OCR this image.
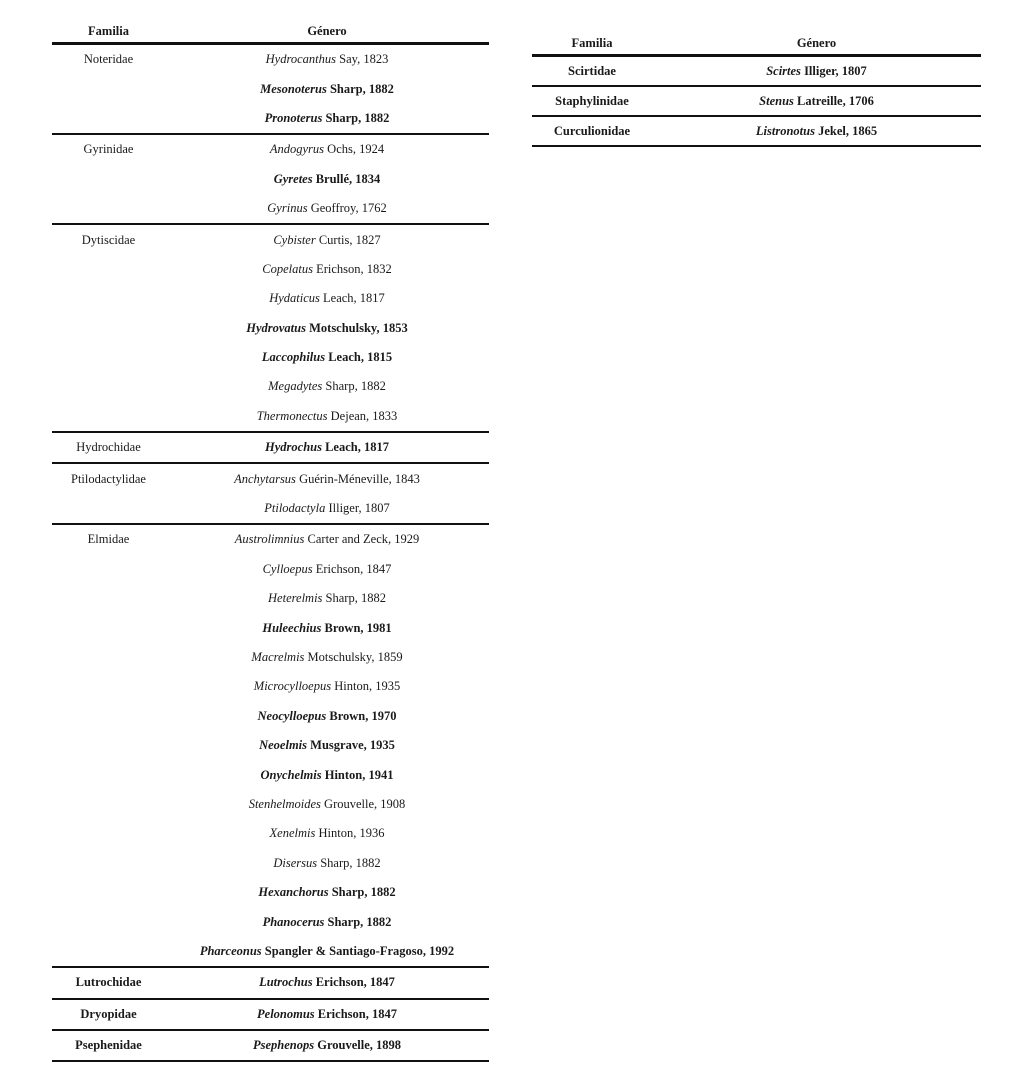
Familia	Género
Noteridae	Hydrocanthus Say, 1823
Mesonoterus Sharp, 1882
Pronoterus Sharp, 1882
Gyrinidae	Andogyrus Ochs, 1924
Gyretes Brullé, 1834
Gyrinus Geoffroy, 1762
Dytiscidae	Cybister Curtis, 1827
Copelatus Erichson, 1832
Hydaticus Leach, 1817
Hydrovatus Motschulsky, 1853
Laccophilus Leach, 1815
Megadytes Sharp, 1882
Thermonectus Dejean, 1833
Hydrochidae	Hydrochus Leach, 1817
Ptilodactylidae	Anchytarsus Guérin-Méneville, 1843
Ptilodactyla Illiger, 1807
Elmidae	Austrolimnius Carter and Zeck, 1929
Cylloepus Erichson, 1847
Heterelmis Sharp, 1882
Huleechius Brown, 1981
Macrelmis Motschulsky, 1859
Microcylloepus Hinton, 1935
Neocylloepus Brown, 1970
Neoelmis Musgrave, 1935
Onychelmis Hinton, 1941
Stenhelmoides Grouvelle, 1908
Xenelmis Hinton, 1936
Disersus Sharp, 1882
Hexanchorus Sharp, 1882
Phanocerus Sharp, 1882
Pharceonus Spangler & Santiago-Fragoso, 1992
Lutrochidae	Lutrochus Erichson, 1847
Dryopidae	Pelonomus Erichson, 1847
Psephenidae	Psephenops Grouvelle, 1898
Familia	Género
Scirtidae	Scirtes Illiger, 1807
Staphylinidae	Stenus Latreille, 1706
Curculionidae	Listronotus Jekel, 1865
